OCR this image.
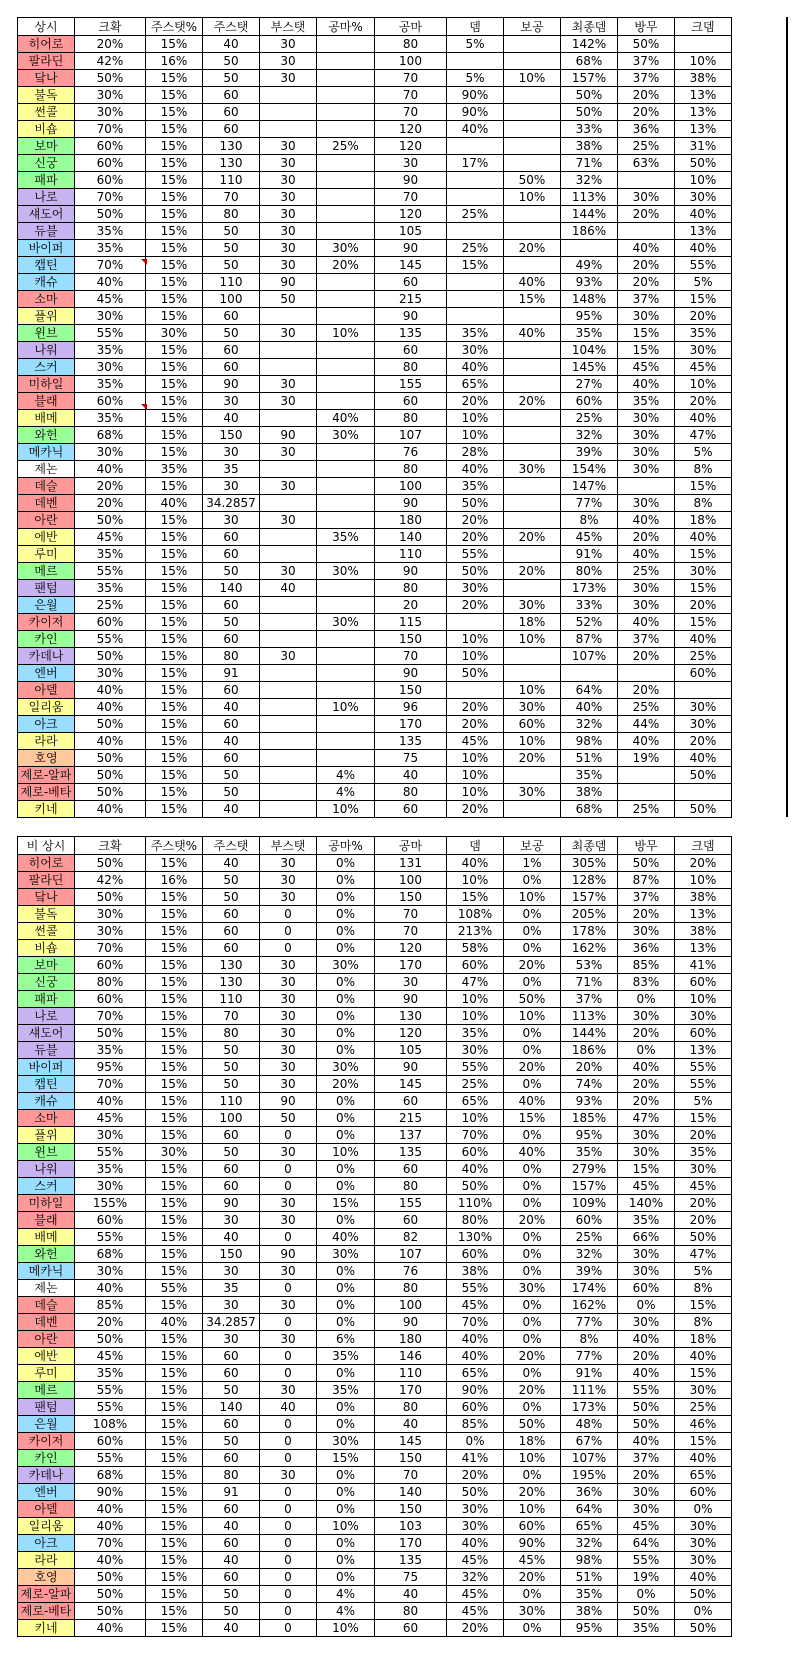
상시	크확	주스탯%	주스탯	부스탯	공마%	공마	뎀	보공	최종뎀	방무	크뎀
히어로	20%	15%	40	30		80	5%		142%	50%	
팔라딘	42%	16%	50	30		100			68%	37%	10%
닼나	50%	15%	50	30		70	5%	10%	157%	37%	38%
불독	30%	15%	60			70	90%		50%	20%	13%
썬콜	30%	15%	60			70	90%		50%	20%	13%
비숍	70%	15%	60			120	40%		33%	36%	13%
보마	60%	15%	130	30	25%	120			38%	25%	31%
신궁	60%	15%	130	30		30	17%		71%	63%	50%
패파	60%	15%	110	30		90		50%	32%		10%
나로	70%	15%	70	30		70		10%	113%	30%	30%
섀도어	50%	15%	80	30		120	25%		144%	20%	40%
듀블	35%	15%	50	30		105			186%		13%
바이퍼	35%	15%	50	30	30%	90	25%	20%		40%	40%
캡틴	70%	15%	50	30	20%	145	15%		49%	20%	55%
캐슈	40%	15%	110	90		60		40%	93%	20%	5%
소마	45%	15%	100	50		215		15%	148%	37%	15%
플위	30%	15%	60			90			95%	30%	20%
윈브	55%	30%	50	30	10%	135	35%	40%	35%	15%	35%
나워	35%	15%	60			60	30%		104%	15%	30%
스커	30%	15%	60			80	40%		145%	45%	45%
미하일	35%	15%	90	30		155	65%		27%	40%	10%
블래	60%	15%	30	30		60	20%	20%	60%	35%	20%
배메	35%	15%	40		40%	80	10%		25%	30%	40%
와헌	68%	15%	150	90	30%	107	10%		32%	30%	47%
메카닉	30%	15%	30	30		76	28%		39%	30%	5%
제논	40%	35%	35			80	40%	30%	154%	30%	8%
데슬	20%	15%	30	30		100	35%		147%		15%
데벤	20%	40%	34.2857			90	50%		77%	30%	8%
아란	50%	15%	30	30		180	20%		8%	40%	18%
에반	45%	15%	60		35%	140	20%	20%	45%	20%	40%
루미	35%	15%	60			110	55%		91%	40%	15%
메르	55%	15%	50	30	30%	90	50%	20%	80%	25%	30%
팬텀	35%	15%	140	40		80	30%		173%	30%	15%
은월	25%	15%	60			20	20%	30%	33%	30%	20%
카이저	60%	15%	50		30%	115		18%	52%	40%	15%
카인	55%	15%	60			150	10%	10%	87%	37%	40%
카데나	50%	15%	80	30		70	10%		107%	20%	25%
엔버	30%	15%	91			90	50%				60%
아델	40%	15%	60			150		10%	64%	20%	
일리움	40%	15%	40		10%	96	20%	30%	40%	25%	30%
아크	50%	15%	60			170	20%	60%	32%	44%	30%
라라	40%	15%	40			135	45%	10%	98%	40%	20%
호영	50%	15%	60			75	10%	20%	51%	19%	40%
제로-알파	50%	15%	50		4%	40	10%		35%		50%
제로-베타	50%	15%	50		4%	80	10%	30%	38%		
키네	40%	15%	40		10%	60	20%		68%	25%	50%
비 상시	크확	주스탯%	주스탯	부스탯	공마%	공마	뎀	보공	최종뎀	방무	크뎀
히어로	50%	15%	40	30	0%	131	40%	1%	305%	50%	20%
팔라딘	42%	16%	50	30	0%	100	10%	0%	128%	87%	10%
닼나	50%	15%	50	30	0%	150	15%	10%	157%	37%	38%
불독	30%	15%	60	0	0%	70	108%	0%	205%	20%	13%
썬콜	30%	15%	60	0	0%	70	213%	0%	178%	30%	38%
비숍	70%	15%	60	0	0%	120	58%	0%	162%	36%	13%
보마	60%	15%	130	30	30%	170	60%	20%	53%	85%	41%
신궁	80%	15%	130	30	0%	30	47%	0%	71%	83%	60%
패파	60%	15%	110	30	0%	90	10%	50%	37%	0%	10%
나로	70%	15%	70	30	0%	130	10%	10%	113%	30%	30%
섀도어	50%	15%	80	30	0%	120	35%	0%	144%	20%	60%
듀블	35%	15%	50	30	0%	105	30%	0%	186%	0%	13%
바이퍼	95%	15%	50	30	30%	90	55%	20%	20%	40%	55%
캡틴	70%	15%	50	30	20%	145	25%	0%	74%	20%	55%
캐슈	40%	15%	110	90	0%	60	65%	40%	93%	20%	5%
소마	45%	15%	100	50	0%	215	10%	15%	185%	47%	15%
플위	30%	15%	60	0	0%	137	70%	0%	95%	30%	20%
윈브	55%	30%	50	30	10%	135	60%	40%	35%	30%	35%
나워	35%	15%	60	0	0%	60	40%	0%	279%	15%	30%
스커	30%	15%	60	0	0%	80	50%	0%	157%	45%	45%
미하일	155%	15%	90	30	15%	155	110%	0%	109%	140%	20%
블래	60%	15%	30	30	0%	60	80%	20%	60%	35%	20%
배메	55%	15%	40	0	40%	82	130%	0%	25%	66%	50%
와헌	68%	15%	150	90	30%	107	60%	0%	32%	30%	47%
메카닉	30%	15%	30	30	0%	76	38%	0%	39%	30%	5%
제논	40%	55%	35	0	0%	80	55%	30%	174%	60%	8%
데슬	85%	15%	30	30	0%	100	45%	0%	162%	0%	15%
데벤	20%	40%	34.2857	0	0%	90	70%	0%	77%	30%	8%
아란	50%	15%	30	30	6%	180	40%	0%	8%	40%	18%
에반	45%	15%	60	0	35%	146	40%	20%	77%	20%	40%
루미	35%	15%	60	0	0%	110	65%	0%	91%	40%	15%
메르	55%	15%	50	30	35%	170	90%	20%	111%	55%	30%
팬텀	55%	15%	140	40	0%	80	60%	0%	173%	50%	25%
은월	108%	15%	60	0	0%	40	85%	50%	48%	50%	46%
카이저	60%	15%	50	0	30%	145	0%	18%	67%	40%	15%
카인	55%	15%	60	0	15%	150	41%	10%	107%	37%	40%
카데나	68%	15%	80	30	0%	70	20%	0%	195%	20%	65%
엔버	90%	15%	91	0	0%	140	50%	20%	36%	30%	60%
아델	40%	15%	60	0	0%	150	30%	10%	64%	30%	0%
일리움	40%	15%	40	0	10%	103	30%	60%	65%	45%	30%
아크	70%	15%	60	0	0%	170	40%	90%	32%	64%	30%
라라	40%	15%	40	0	0%	135	45%	45%	98%	55%	30%
호영	50%	15%	60	0	0%	75	32%	20%	51%	19%	40%
제로-알파	50%	15%	50	0	4%	40	45%	0%	35%	0%	50%
제로-베타	50%	15%	50	0	4%	80	45%	30%	38%	50%	0%
키네	40%	15%	40	0	10%	60	20%	0%	95%	35%	50%
